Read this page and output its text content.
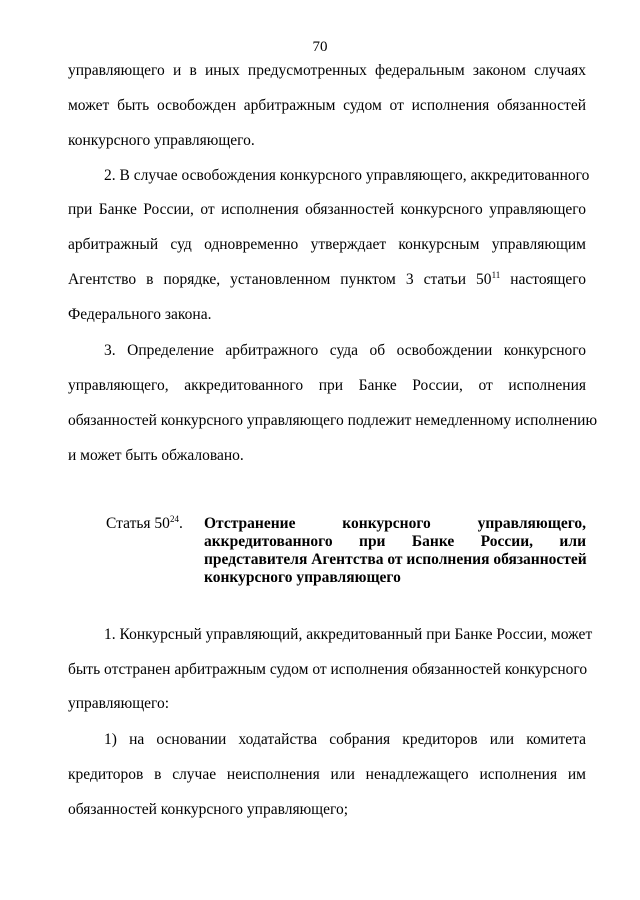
70
управляющего и в иных предусмотренных федеральным законом случаях
может быть освобожден арбитражным судом от исполнения обязанностей
конкурсного управляющего.
2. В случае освобождения конкурсного управляющего, аккредитованного
при Банке России, от исполнения обязанностей конкурсного управляющего
арбитражный суд одновременно утверждает конкурсным управляющим
Агентство в порядке, установленном пунктом 3 статьи $50^{11}$ настоящего
Федерального закона.
3. Определение арбитражного суда об освобождении конкурсного
управляющего, аккредитованного при Банке России, от исполнения
обязанностей конкурсного управляющего подлежит немедленному исполнению
и может быть обжаловано.
Статья $50^{24}$. Отстранение конкурсного управляющего,
аккредитованного при Банке России, или
представителя Агентства от исполнения обязанностей
конкурсного управляющего
1. Конкурсный управляющий, аккредитованный при Банке России, может
быть отстранен арбитражным судом от исполнения обязанностей конкурсного
управляющего:
1) на основании ходатайства собрания кредиторов или комитета
кредиторов в случае неисполнения или ненадлежащего исполнения им
обязанностей конкурсного управляющего;
